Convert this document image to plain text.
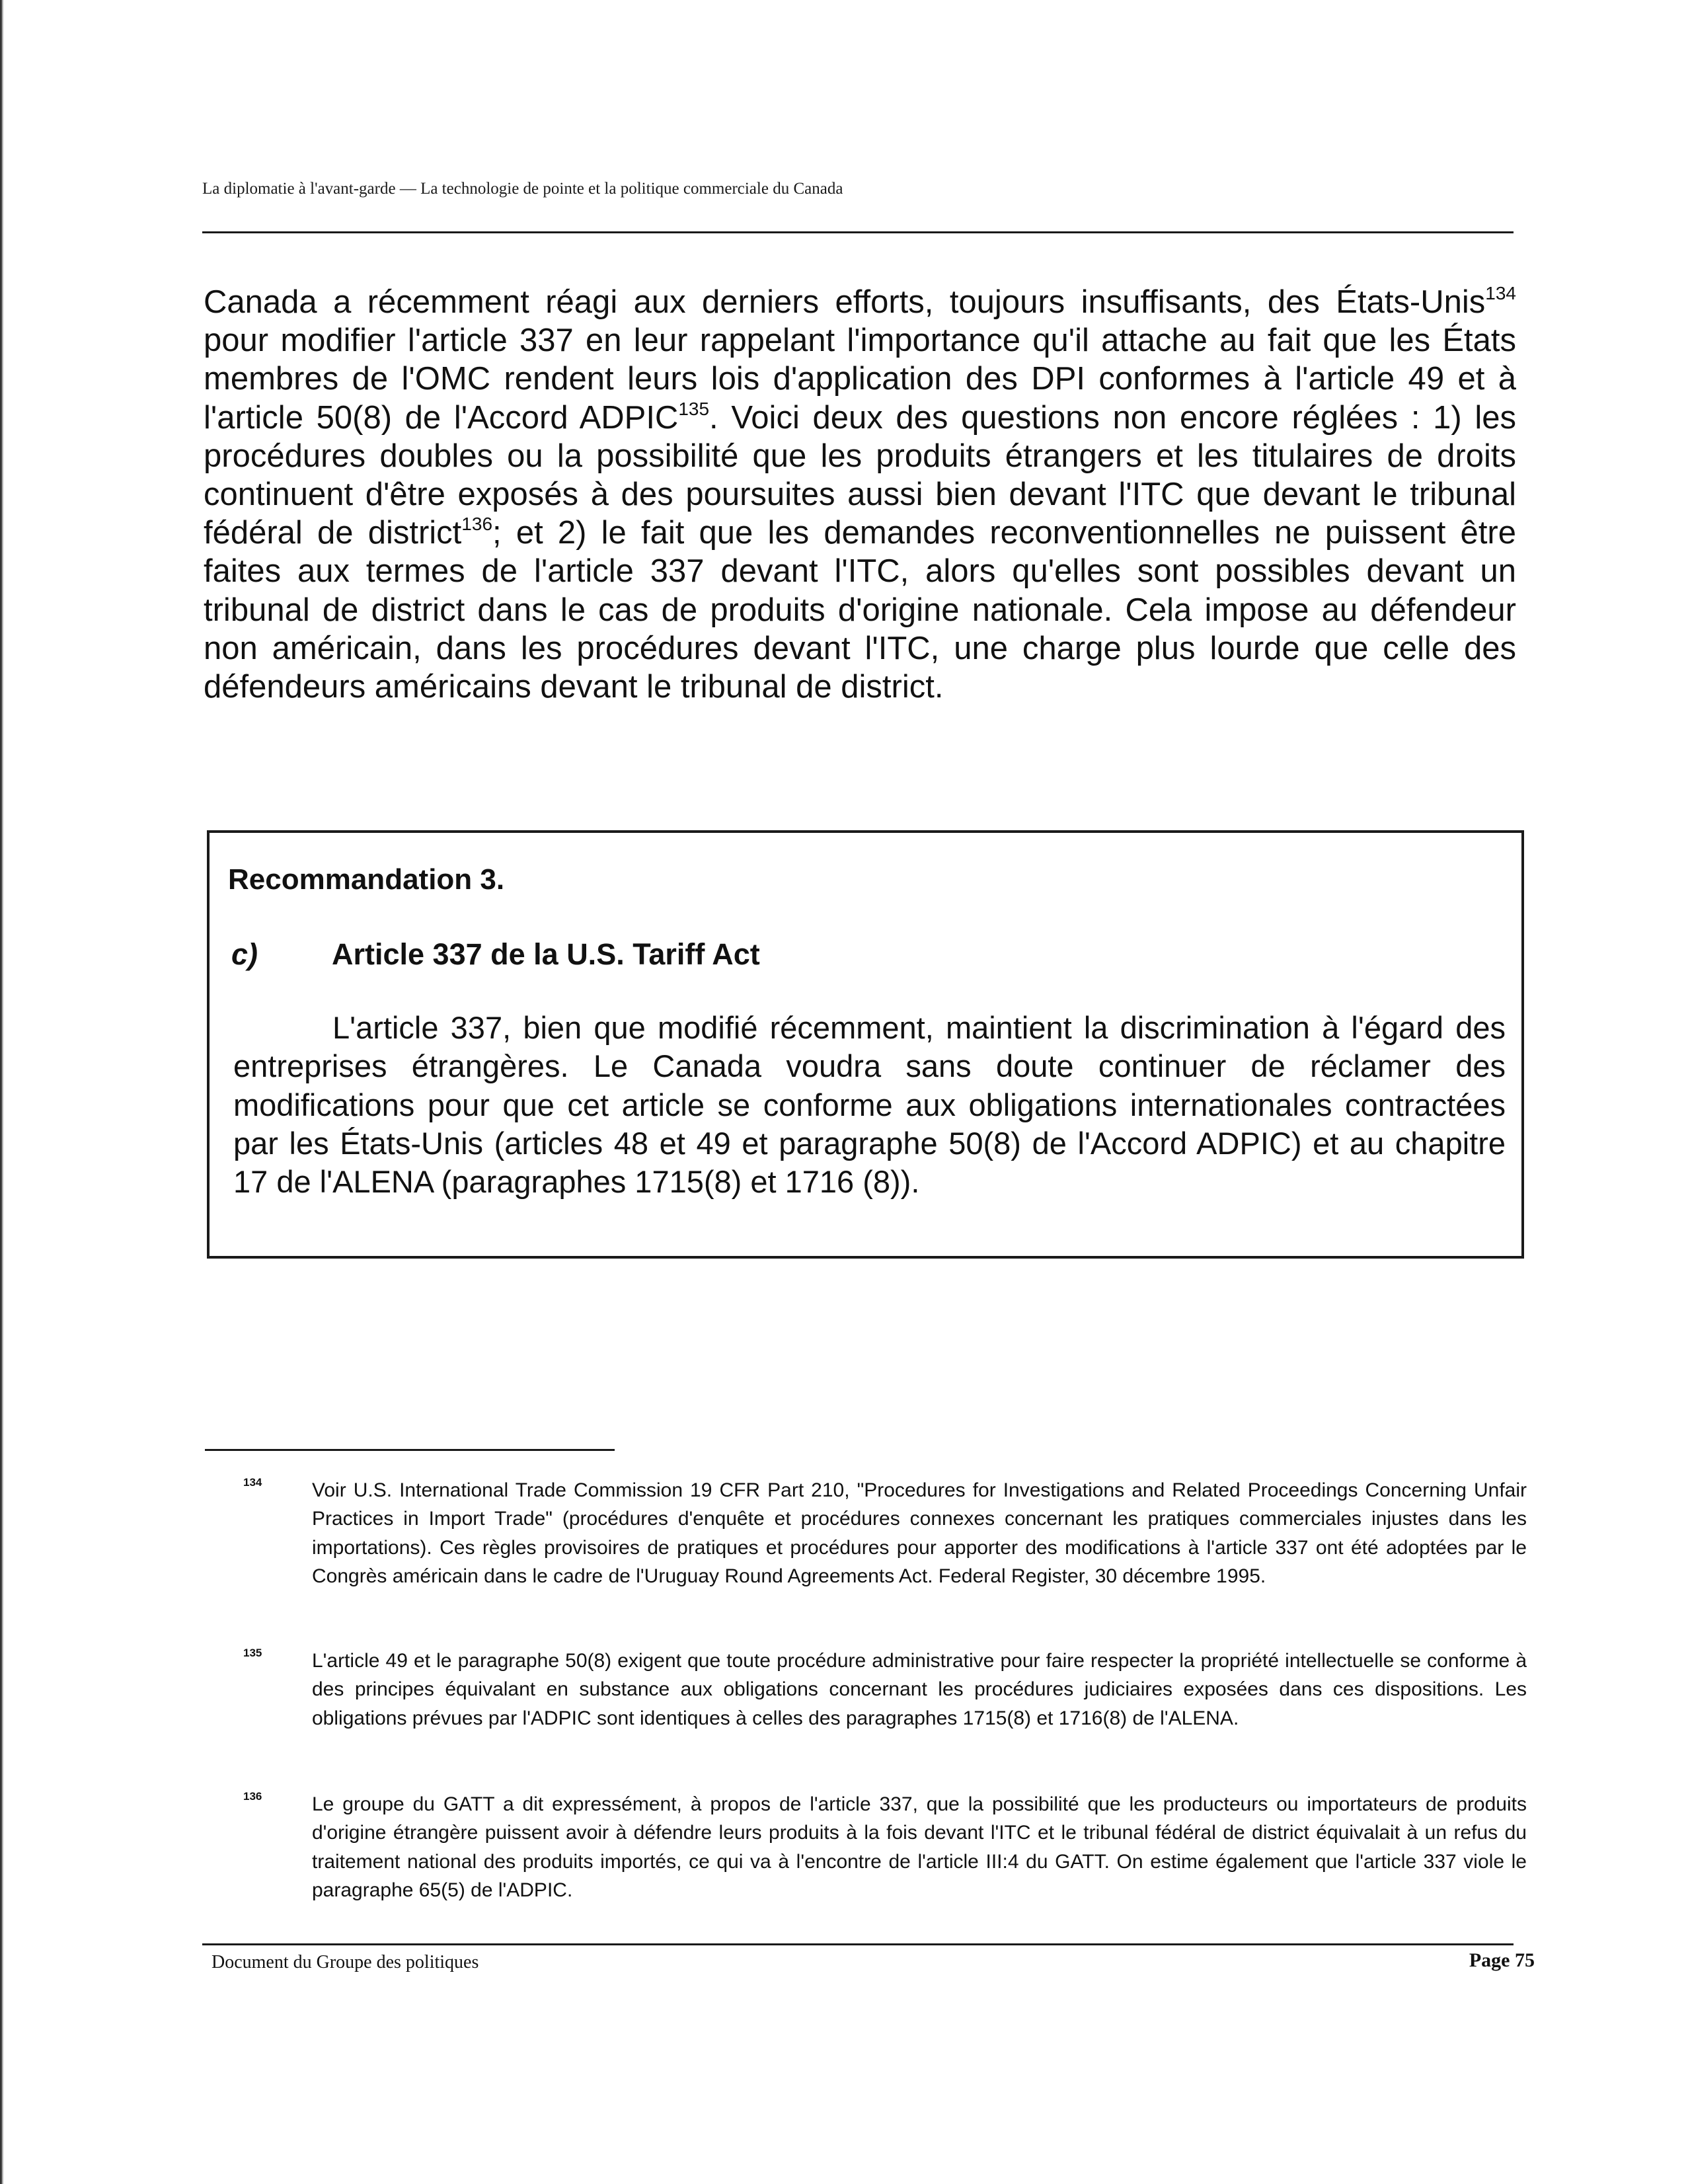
La diplomatie à l'avant-garde — La technologie de pointe et la politique commerciale du Canada

Canada a récemment réagi aux derniers efforts, toujours insuffisants, des États-Unis$^{134}$ pour modifier l'article 337 en leur rappelant l'importance qu'il attache au fait que les États membres de l'OMC rendent leurs lois d'application des DPI conformes à l'article 49 et à l'article 50(8) de l'Accord ADPIC$^{135}$. Voici deux des questions non encore réglées : 1) les procédures doubles ou la possibilité que les produits étrangers et les titulaires de droits continuent d'être exposés à des poursuites aussi bien devant l'ITC que devant le tribunal fédéral de district$^{136}$; et 2) le fait que les demandes reconventionnelles ne puissent être faites aux termes de l'article 337 devant l'ITC, alors qu'elles sont possibles devant un tribunal de district dans le cas de produits d'origine nationale. Cela impose au défendeur non américain, dans les procédures devant l'ITC, une charge plus lourde que celle des défendeurs américains devant le tribunal de district.

Recommandation 3.
c) Article 337 de la U.S. Tariff Act

L'article 337, bien que modifié récemment, maintient la discrimination à l'égard des entreprises étrangères. Le Canada voudra sans doute continuer de réclamer des modifications pour que cet article se conforme aux obligations internationales contractées par les États-Unis (articles 48 et 49 et paragraphe 50(8) de l'Accord ADPIC) et au chapitre 17 de l'ALENA (paragraphes 1715(8) et 1716 (8)).

134	Voir U.S. International Trade Commission 19 CFR Part 210, "Procedures for Investigations and Related Proceedings Concerning Unfair Practices in Import Trade" (procédures d'enquête et procédures connexes concernant les pratiques commerciales injustes dans les importations). Ces règles provisoires de pratiques et procédures pour apporter des modifications à l'article 337 ont été adoptées par le Congrès américain dans le cadre de l'Uruguay Round Agreements Act. Federal Register, 30 décembre 1995.

135	L'article 49 et le paragraphe 50(8) exigent que toute procédure administrative pour faire respecter la propriété intellectuelle se conforme à des principes équivalant en substance aux obligations concernant les procédures judiciaires exposées dans ces dispositions. Les obligations prévues par l'ADPIC sont identiques à celles des paragraphes 1715(8) et 1716(8) de l'ALENA.

136	Le groupe du GATT a dit expressément, à propos de l'article 337, que la possibilité que les producteurs ou importateurs de produits d'origine étrangère puissent avoir à défendre leurs produits à la fois devant l'ITC et le tribunal fédéral de district équivalait à un refus du traitement national des produits importés, ce qui va à l'encontre de l'article III:4 du GATT. On estime également que l'article 337 viole le paragraphe 65(5) de l'ADPIC.

Document du Groupe des politiques	Page 75
